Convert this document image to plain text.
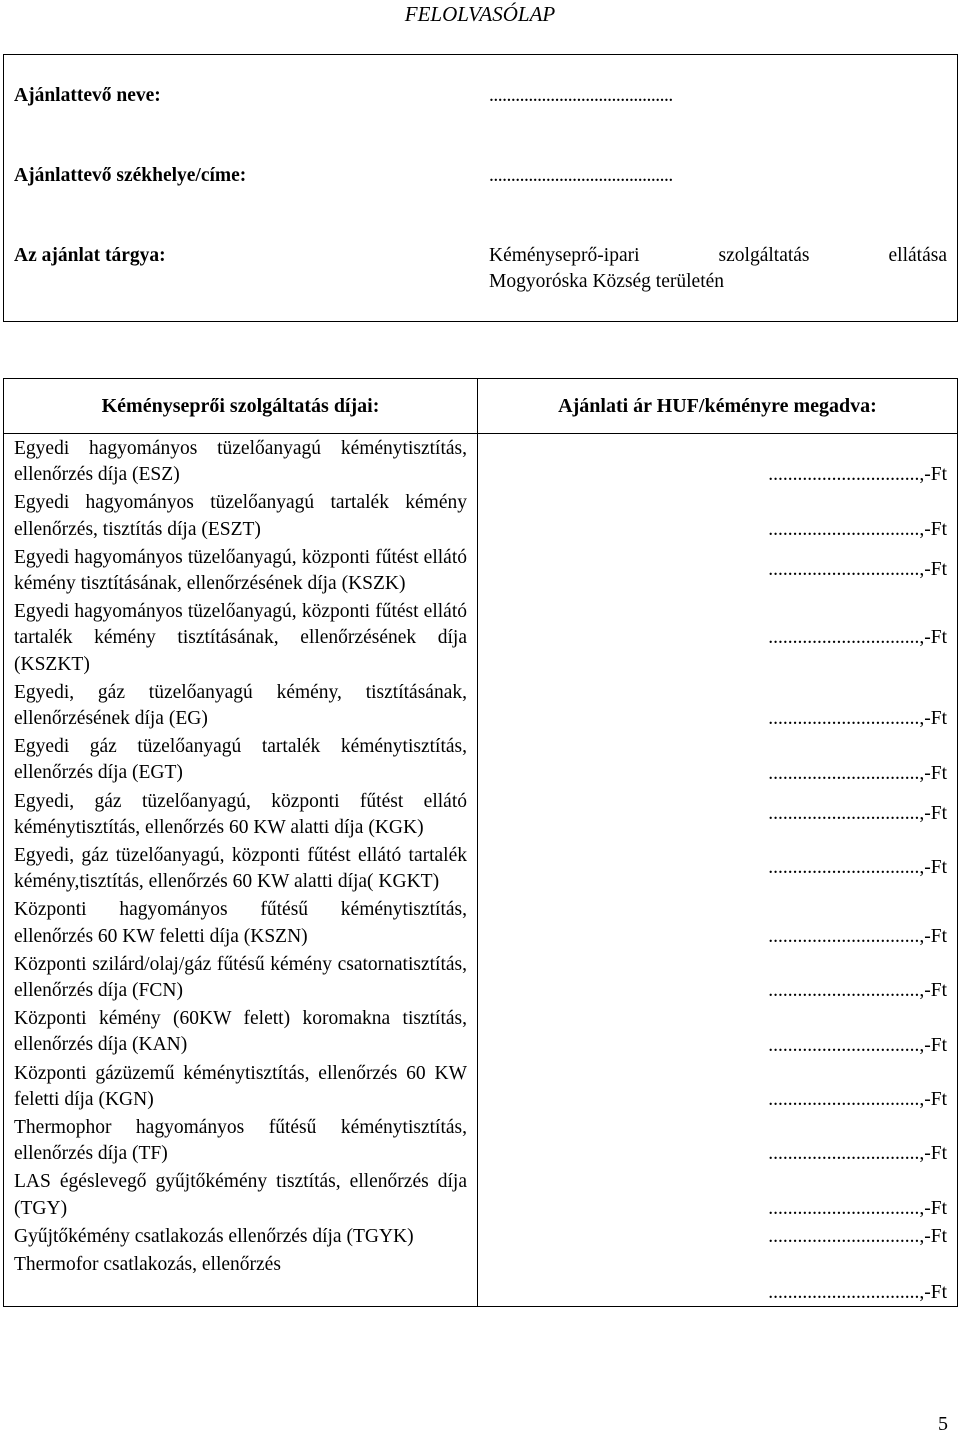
FELOLVASÓLAP
Ajánlattevő neve:	..........................................

Ajánlattevő székhelye/címe:	..........................................

Az ajánlat tárgya:	Kéményseprő-ipari szolgáltatás ellátása
Mogyoróska Község területén
Kéményseprői szolgáltatás díjai:	Ajánlati ár HUF/kéményre megadva:
Egyedi hagyományos tüzelőanyagú kéménytisztítás, ellenőrzés díja (ESZ)	...............................,-Ft
Egyedi hagyományos tüzelőanyagú tartalék kémény ellenőrzés, tisztítás díja (ESZT)	...............................,-Ft
Egyedi hagyományos tüzelőanyagú, központi fűtést ellátó kémény tisztításának, ellenőrzésének díja (KSZK)	...............................,-Ft
Egyedi hagyományos tüzelőanyagú, központi fűtést ellátó tartalék kémény tisztításának, ellenőrzésének díja (KSZKT)	...............................,-Ft
Egyedi, gáz tüzelőanyagú kémény, tisztításának, ellenőrzésének díja (EG)	...............................,-Ft
Egyedi gáz tüzelőanyagú tartalék kéménytisztítás, ellenőrzés díja (EGT)	...............................,-Ft
Egyedi, gáz tüzelőanyagú, központi fűtést ellátó kéménytisztítás, ellenőrzés 60 KW alatti díja (KGK)	...............................,-Ft
Egyedi, gáz tüzelőanyagú, központi fűtést ellátó tartalék kémény,tisztítás, ellenőrzés 60 KW alatti díja( KGKT)	...............................,-Ft
Központi hagyományos fűtésű kéménytisztítás, ellenőrzés 60 KW feletti díja (KSZN)	...............................,-Ft
Központi szilárd/olaj/gáz fűtésű kémény csatornatisztítás, ellenőrzés díja (FCN)	...............................,-Ft
Központi kémény (60KW felett) koromakna tisztítás, ellenőrzés díja (KAN)	...............................,-Ft
Központi gázüzemű kéménytisztítás, ellenőrzés 60 KW feletti díja (KGN)	...............................,-Ft
Thermophor hagyományos fűtésű kéménytisztítás, ellenőrzés díja (TF)	...............................,-Ft
LAS égéslevegő gyűjtőkémény tisztítás, ellenőrzés díja (TGY)	...............................,-Ft
Gyűjtőkémény csatlakozás ellenőrzés díja (TGYK)	...............................,-Ft
Thermofor csatlakozás, ellenőrzés	...............................,-Ft
5
